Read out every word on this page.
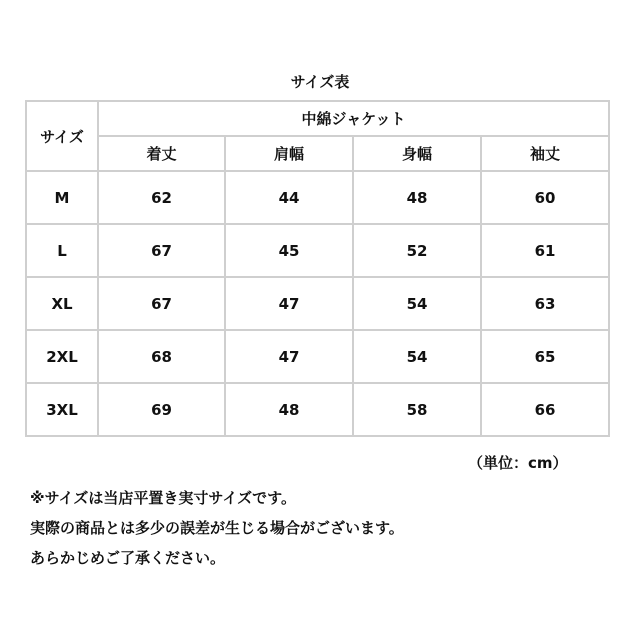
サイズ表
サイズ	中綿ジャケット			
	着丈	肩幅	身幅	袖丈
M	62	44	48	60
L	67	45	52	61
XL	67	47	54	63
2XL	68	47	54	65
3XL	69	48	58	66
（単位：cm）
※サイズは当店平置き実寸サイズです。
実際の商品とは多少の誤差が生じる場合がございます。
あらかじめご了承ください。
